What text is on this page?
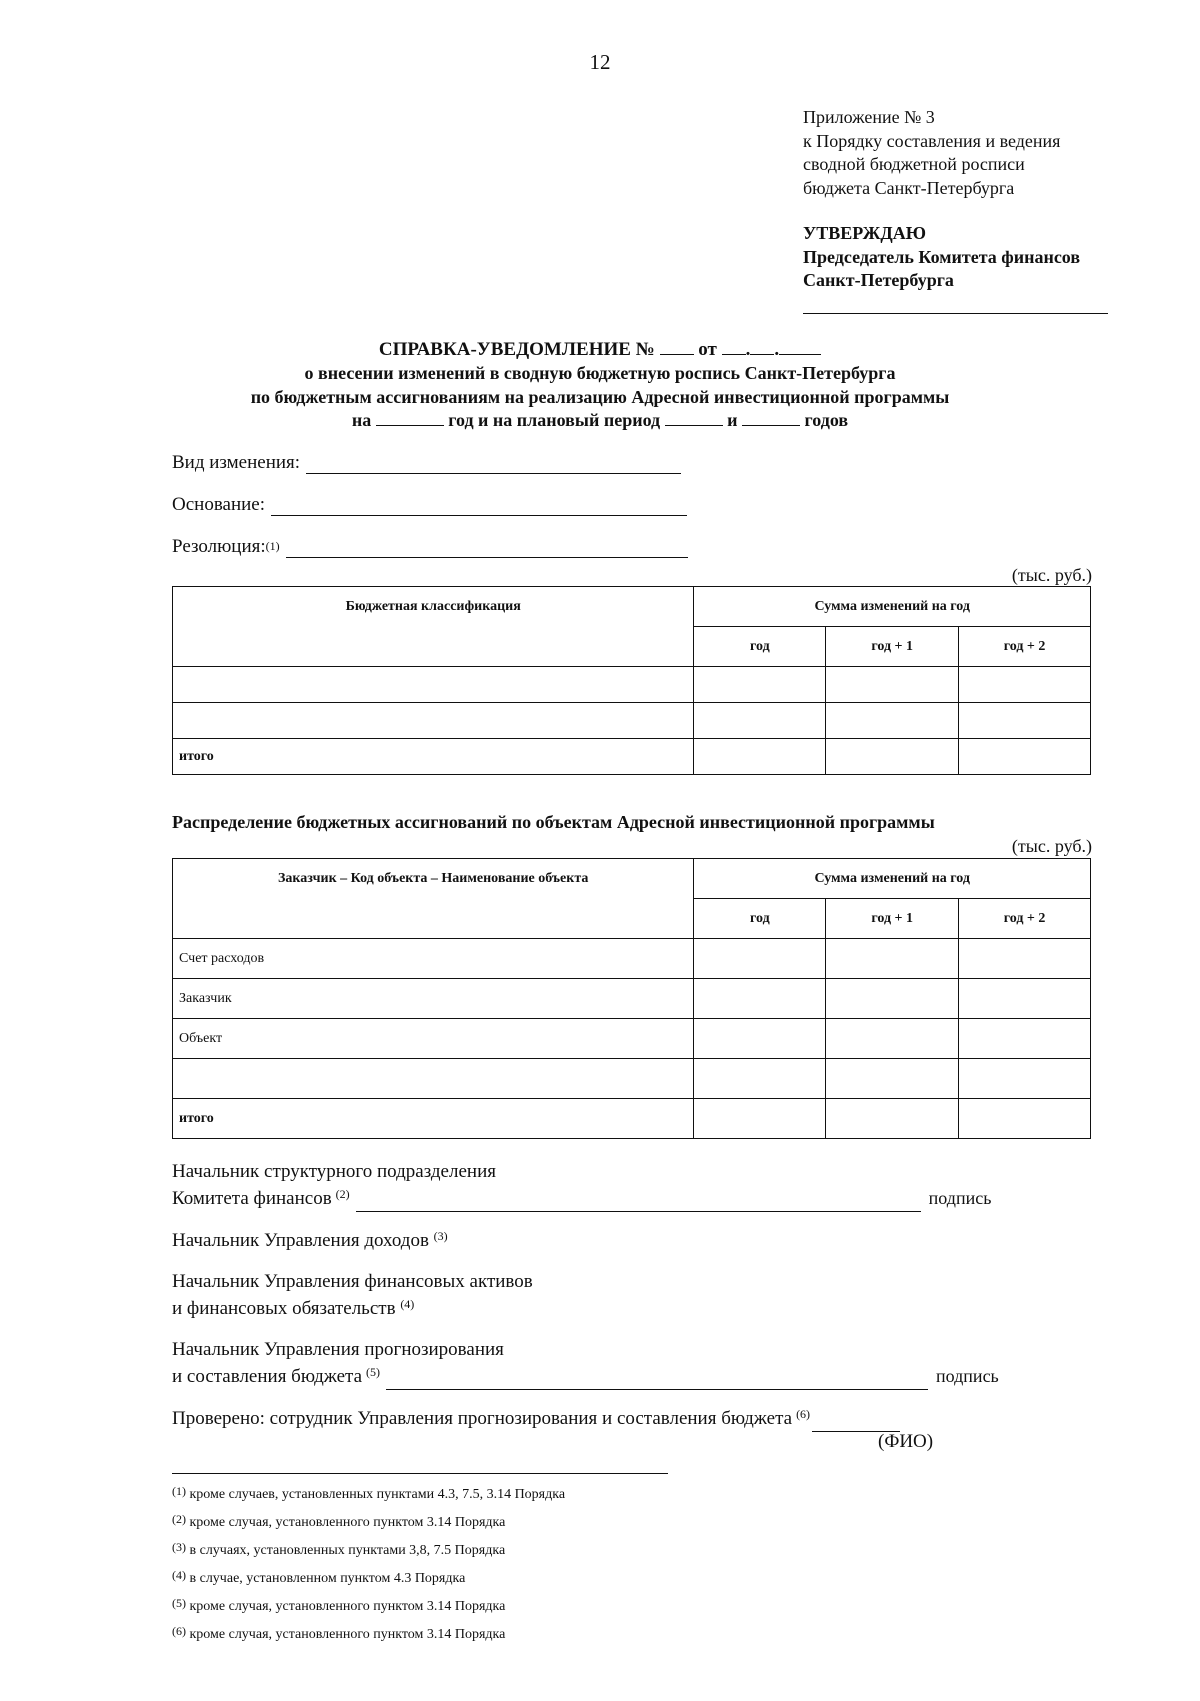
12
Приложение № 3
к Порядку составления и ведения
сводной бюджетной росписи
бюджета Санкт-Петербурга
УТВЕРЖДАЮ
Председатель Комитета финансов
Санкт-Петербурга
СПРАВКА-УВЕДОМЛЕНИЕ № от . .
о внесении изменений в сводную бюджетную роспись Санкт-Петербурга
по бюджетным ассигнованиям на реализацию Адресной инвестиционной программы
на	год и на плановый период	и	годов
Вид изменения:
Основание:
Резолюция:$^{(1)}$
(тыс. руб.)
Бюджетная классификация	Сумма изменений на год		
	год	год + 1	год + 2

итого			
Распределение бюджетных ассигнований по объектам Адресной инвестиционной программы
(тыс. руб.)
Заказчик – Код объекта – Наименование объекта	Сумма изменений на год		
	год	год + 1	год + 2
Счет расходов			
Заказчик			
Объект			

итого			
Начальник структурного подразделения
Комитета финансов $^{(2)}$	подпись
Начальник Управления доходов $^{(3)}$
Начальник Управления финансовых активов
и финансовых обязательств $^{(4)}$
Начальник Управления прогнозирования
и составления бюджета $^{(5)}$	подпись
Проверено: сотрудник Управления прогнозирования и составления бюджета $^{(6)}$
(ФИО)
$^{(1)}$ кроме случаев, установленных пунктами 4.3, 7.5, 3.14 Порядка
$^{(2)}$ кроме случая, установленного пунктом 3.14 Порядка
$^{(3)}$ в случаях, установленных пунктами 3,8, 7.5 Порядка
$^{(4)}$ в случае, установленном пунктом 4.3 Порядка
$^{(5)}$ кроме случая, установленного пунктом 3.14 Порядка
$^{(6)}$ кроме случая, установленного пунктом 3.14 Порядка
